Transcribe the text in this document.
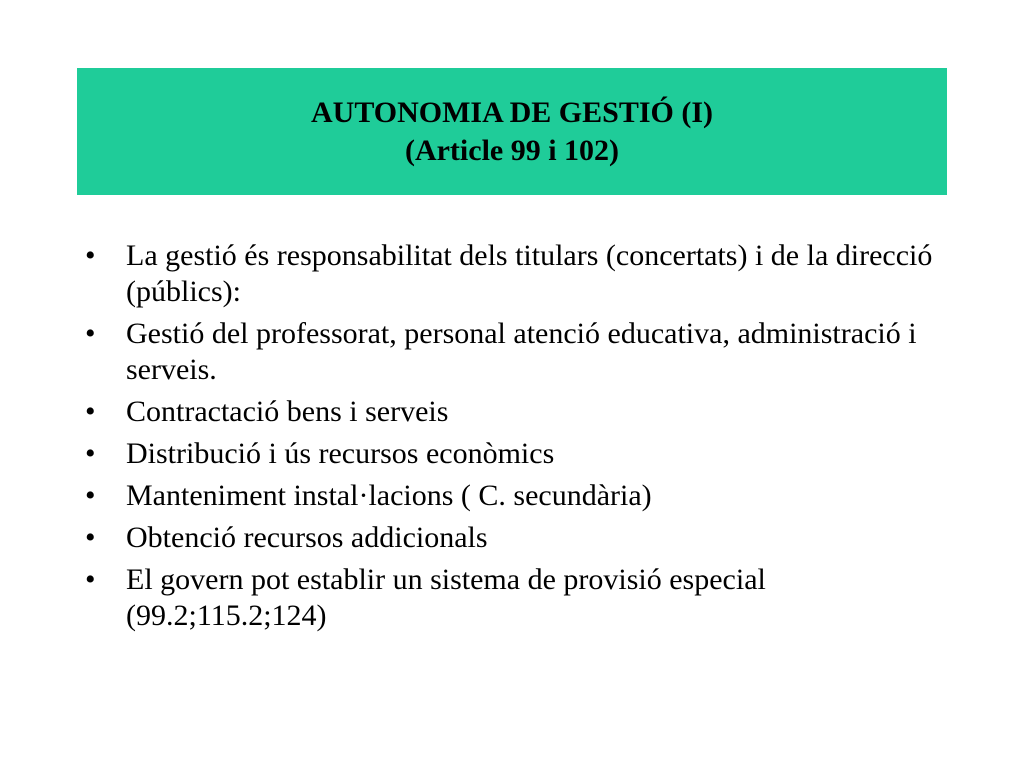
AUTONOMIA DE GESTIÓ (I)
(Article 99 i 102)
•	La gestió és responsabilitat dels titulars (concertats) i de la direcció (públics):
•	Gestió del professorat, personal atenció educativa, administració i serveis.
•	Contractació bens i serveis
•	Distribució i ús recursos econòmics
•	Manteniment instal·lacions ( C. secundària)
•	Obtenció recursos addicionals
•	El govern pot establir un sistema de provisió especial (99.2;115.2;124)
